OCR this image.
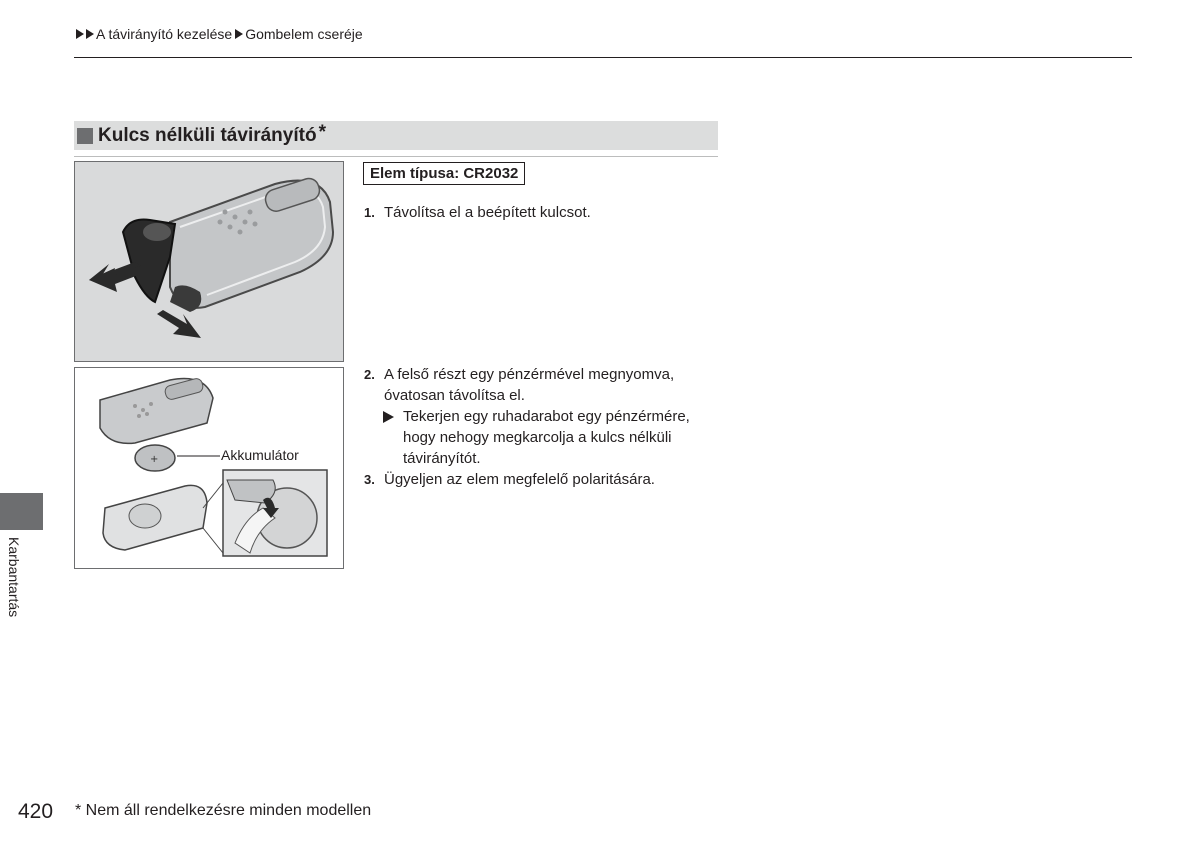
A távirányító kezelése Gombelem cseréje
Kulcs nélküli távirányító *
+	Akkumulátor
Elem típusa: CR2032
1. Távolítsa el a beépített kulcsot.
2. A felső részt egy pénzérmével megnyomva, óvatosan távolítsa el.
Tekerjen egy ruhadarabot egy pénzérmére, hogy nehogy megkarcolja a kulcs nélküli távirányítót.
3. Ügyeljen az elem megfelelő polaritására.
Karbantartás
420 * Nem áll rendelkezésre minden modellen
